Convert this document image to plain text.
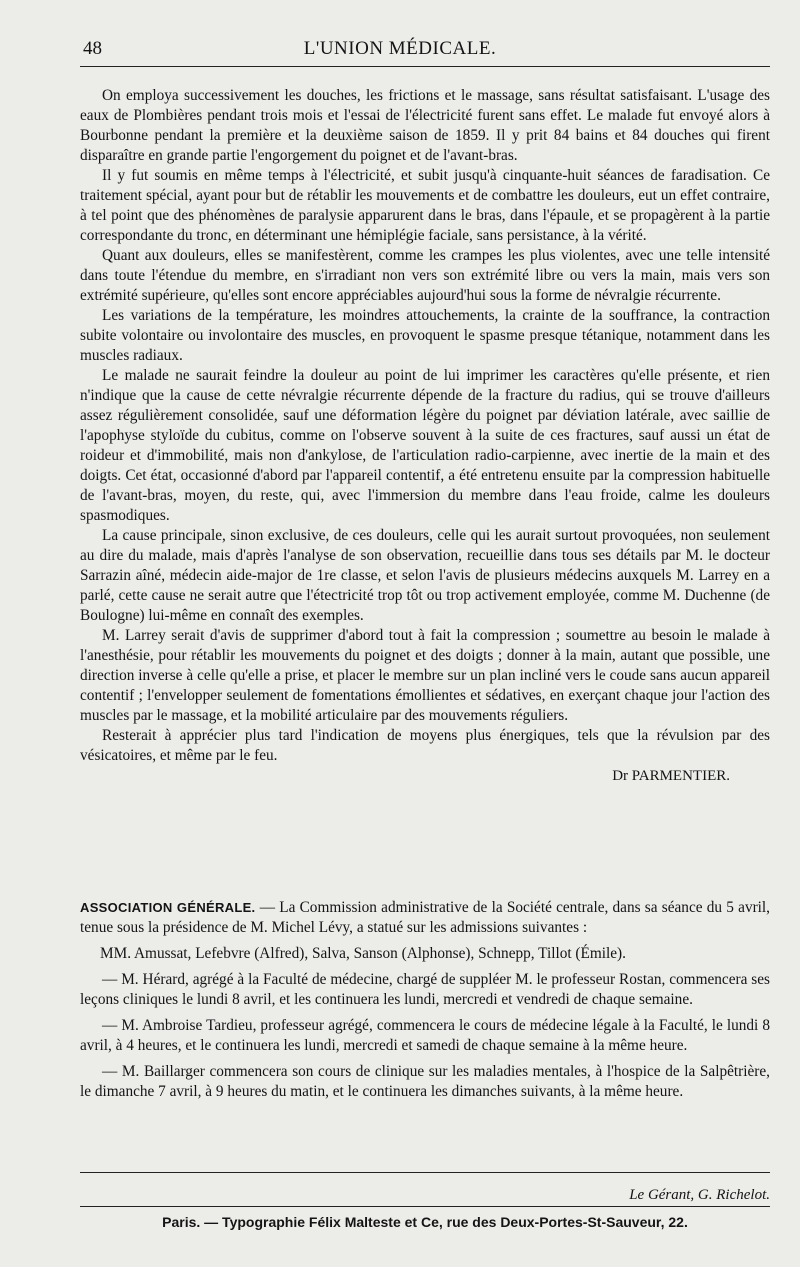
48	L'UNION MÉDICALE.

On employa successivement les douches, les frictions et le massage, sans résultat satisfaisant. L'usage des eaux de Plombières pendant trois mois et l'essai de l'électricité furent sans effet. Le malade fut envoyé alors à Bourbonne pendant la première et la deuxième saison de 1859. Il y prit 84 bains et 84 douches qui firent disparaître en grande partie l'engorgement du poignet et de l'avant-bras.

Il y fut soumis en même temps à l'électricité, et subit jusqu'à cinquante-huit séances de faradisation. Ce traitement spécial, ayant pour but de rétablir les mouvements et de combattre les douleurs, eut un effet contraire, à tel point que des phénomènes de paralysie apparurent dans le bras, dans l'épaule, et se propagèrent à la partie correspondante du tronc, en déterminant une hémiplégie faciale, sans persistance, à la vérité.

Quant aux douleurs, elles se manifestèrent, comme les crampes les plus violentes, avec une telle intensité dans toute l'étendue du membre, en s'irradiant non vers son extrémité libre ou vers la main, mais vers son extrémité supérieure, qu'elles sont encore appréciables aujourd'hui sous la forme de névralgie récurrente.

Les variations de la température, les moindres attouchements, la crainte de la souffrance, la contraction subite volontaire ou involontaire des muscles, en provoquent le spasme presque tétanique, notamment dans les muscles radiaux.

Le malade ne saurait feindre la douleur au point de lui imprimer les caractères qu'elle présente, et rien n'indique que la cause de cette névralgie récurrente dépende de la fracture du radius, qui se trouve d'ailleurs assez régulièrement consolidée, sauf une déformation légère du poignet par déviation latérale, avec saillie de l'apophyse styloïde du cubitus, comme on l'observe souvent à la suite de ces fractures, sauf aussi un état de roideur et d'immobilité, mais non d'ankylose, de l'articulation radio-carpienne, avec inertie de la main et des doigts. Cet état, occasionné d'abord par l'appareil contentif, a été entretenu ensuite par la compression habituelle de l'avant-bras, moyen, du reste, qui, avec l'immersion du membre dans l'eau froide, calme les douleurs spasmodiques.

La cause principale, sinon exclusive, de ces douleurs, celle qui les aurait surtout provoquées, non seulement au dire du malade, mais d'après l'analyse de son observation, recueillie dans tous ses détails par M. le docteur Sarrazin aîné, médecin aide-major de 1re classe, et selon l'avis de plusieurs médecins auxquels M. Larrey en a parlé, cette cause ne serait autre que l'étectricité trop tôt ou trop activement employée, comme M. Duchenne (de Boulogne) lui-même en connaît des exemples.

M. Larrey serait d'avis de supprimer d'abord tout à fait la compression ; soumettre au besoin le malade à l'anesthésie, pour rétablir les mouvements du poignet et des doigts ; donner à la main, autant que possible, une direction inverse à celle qu'elle a prise, et placer le membre sur un plan incliné vers le coude sans aucun appareil contentif ; l'envelopper seulement de fomentations émollientes et sédatives, en exerçant chaque jour l'action des muscles par le massage, et la mobilité articulaire par des mouvements réguliers.

Resterait à apprécier plus tard l'indication de moyens plus énergiques, tels que la révulsion par des vésicatoires, et même par le feu.

Dr PARMENTIER.

ASSOCIATION GÉNÉRALE. — La Commission administrative de la Société centrale, dans sa séance du 5 avril, tenue sous la présidence de M. Michel Lévy, a statué sur les admissions suivantes :

MM. Amussat, Lefebvre (Alfred), Salva, Sanson (Alphonse), Schnepp, Tillot (Émile).

— M. Hérard, agrégé à la Faculté de médecine, chargé de suppléer M. le professeur Rostan, commencera ses leçons cliniques le lundi 8 avril, et les continuera les lundi, mercredi et vendredi de chaque semaine.

— M. Ambroise Tardieu, professeur agrégé, commencera le cours de médecine légale à la Faculté, le lundi 8 avril, à 4 heures, et le continuera les lundi, mercredi et samedi de chaque semaine à la même heure.

— M. Baillarger commencera son cours de clinique sur les maladies mentales, à l'hospice de la Salpêtrière, le dimanche 7 avril, à 9 heures du matin, et le continuera les dimanches suivants, à la même heure.

Le Gérant, G. Richelot.
Paris. — Typographie Félix Malteste et Ce, rue des Deux-Portes-St-Sauveur, 22.
